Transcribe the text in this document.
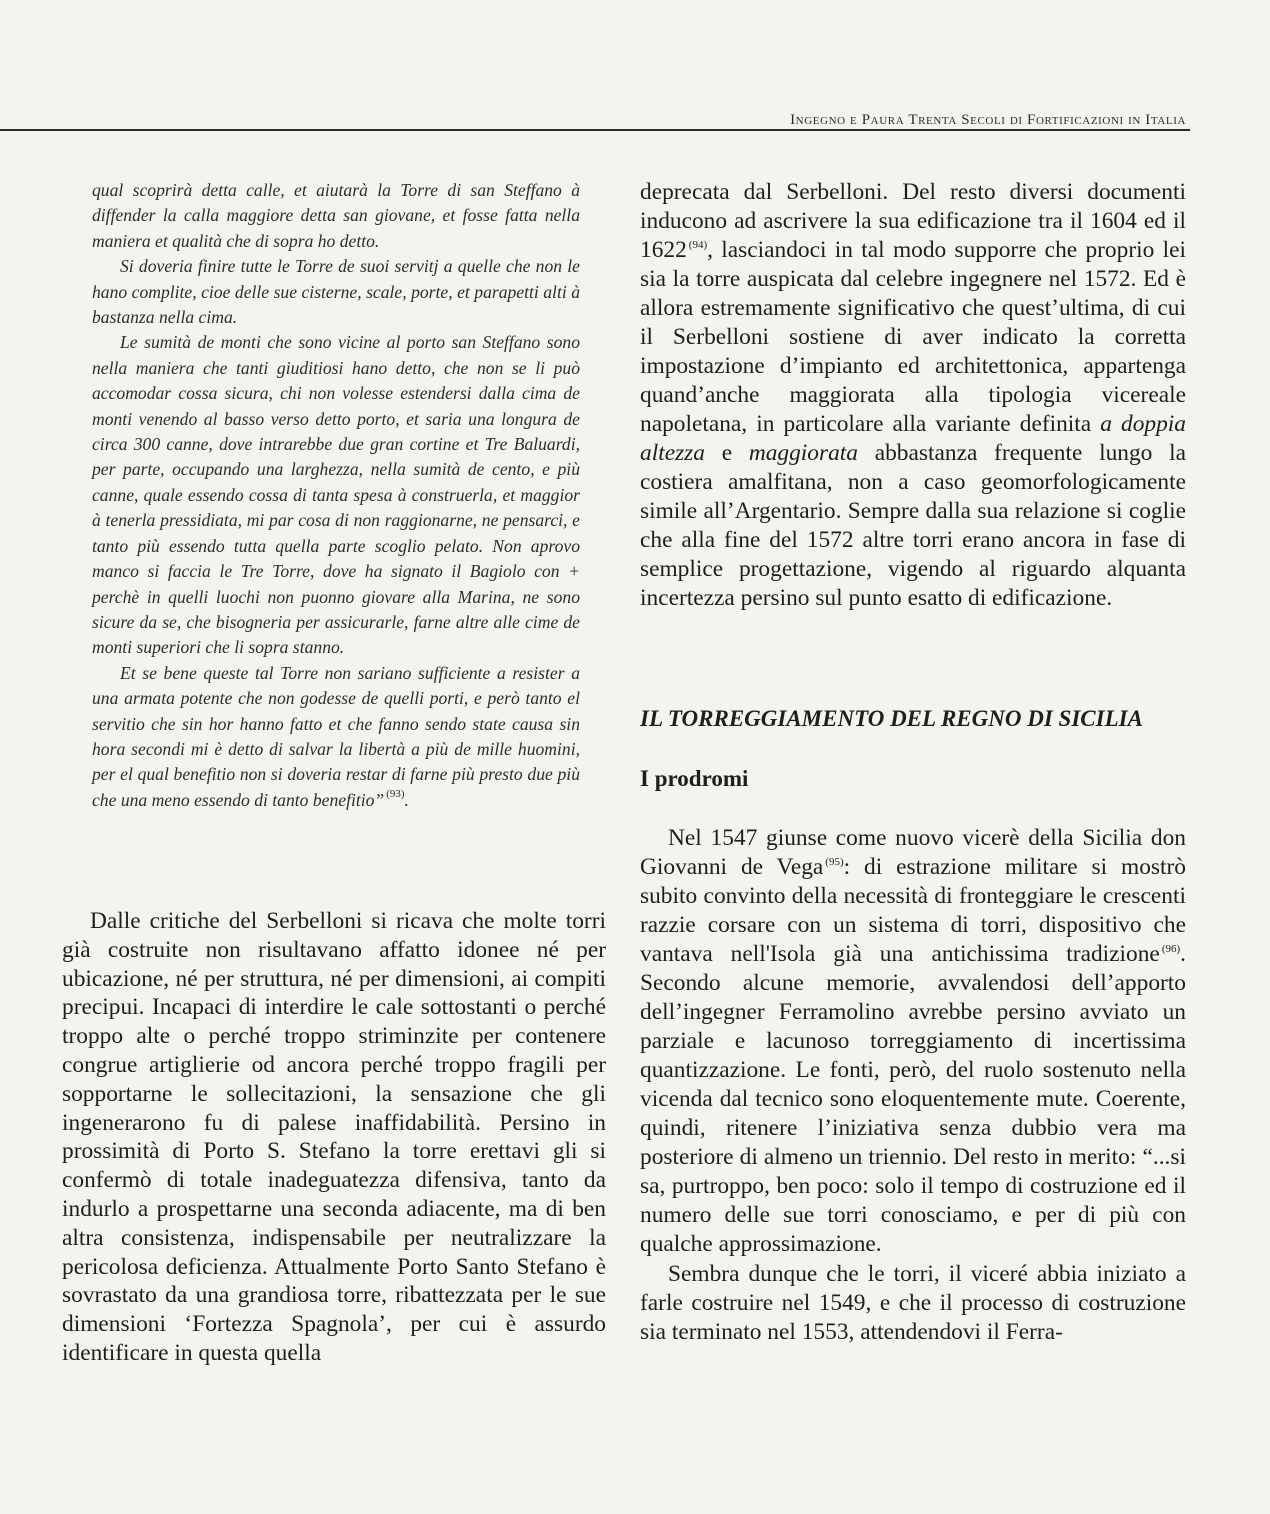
Ingegno e Paura Trenta Secoli di Fortificazioni in Italia

qual scoprirà detta calle, et aiutarà la Torre di san Steffano à diffender la calla maggiore detta san giovane, et fosse fatta nella maniera et qualità che di sopra ho detto.

Si doveria finire tutte le Torre de suoi servitj a quelle che non le hano complite, cioe delle sue cisterne, scale, porte, et parapetti alti à bastanza nella cima.

Le sumità de monti che sono vicine al porto san Steffano sono nella maniera che tanti giuditiosi hano detto, che non se li può accomodar cossa sicura, chi non volesse estendersi dalla cima de monti venendo al basso verso detto porto, et saria una longura de circa 300 canne, dove intrarebbe due gran cortine et Tre Baluardi, per parte, occupando una larghezza, nella sumità de cento, e più canne, quale essendo cossa di tanta spesa à construerla, et maggior à tenerla pressidiata, mi par cosa di non raggionarne, ne pensarci, e tanto più essendo tutta quella parte scoglio pelato. Non aprovo manco si faccia le Tre Torre, dove ha signato il Bagiolo con + perchè in quelli luochi non puonno giovare alla Marina, ne sono sicure da se, che bisogneria per assicurarle, farne altre alle cime de monti superiori che li sopra stanno.

Et se bene queste tal Torre non sariano sufficiente a resister a una armata potente che non godesse de quelli porti, e però tanto el servitio che sin hor hanno fatto et che fanno sendo state causa sin hora secondi mi è detto di salvar la libertà a più de mille huomini, per el qual benefitio non si doveria restar di farne più presto due più che una meno essendo di tanto benefitio” $^{(93)}$.

Dalle critiche del Serbelloni si ricava che molte torri già costruite non risultavano affatto idonee né per ubicazione, né per struttura, né per dimensioni, ai compiti precipui. Incapaci di interdire le cale sottostanti o perché troppo alte o perché troppo striminzite per contenere congrue artiglierie od ancora perché troppo fragili per sopportarne le sollecitazioni, la sensazione che gli ingenerarono fu di palese inaffidabilità. Persino in prossimità di Porto S. Stefano la torre erettavi gli si confermò di totale inadeguatezza difensiva, tanto da indurlo a prospettarne una seconda adiacente, ma di ben altra consistenza, indispensabile per neutralizzare la pericolosa deficienza. Attualmente Porto Santo Stefano è sovrastato da una grandiosa torre, ribattezzata per le sue dimensioni ‘Fortezza Spagnola’, per cui è assurdo identificare in questa quella

deprecata dal Serbelloni. Del resto diversi documenti inducono ad ascrivere la sua edificazione tra il 1604 ed il 1622 $^{(94)}$, lasciandoci in tal modo supporre che proprio lei sia la torre auspicata dal celebre ingegnere nel 1572. Ed è allora estremamente significativo che quest’ultima, di cui il Serbelloni sostiene di aver indicato la corretta impostazione d’impianto ed architettonica, appartenga quand’anche maggiorata alla tipologia vicereale napoletana, in particolare alla variante definita a doppia altezza e maggiorata abbastanza frequente lungo la costiera amalfitana, non a caso geomorfologicamente simile all’Argentario. Sempre dalla sua relazione si coglie che alla fine del 1572 altre torri erano ancora in fase di semplice progettazione, vigendo al riguardo alquanta incertezza persino sul punto esatto di edificazione.

IL TORREGGIAMENTO DEL REGNO DI SICILIA
I prodromi

Nel 1547 giunse come nuovo vicerè della Sicilia don Giovanni de Vega $^{(95)}$: di estrazione militare si mostrò subito convinto della necessità di fronteggiare le crescenti razzie corsare con un sistema di torri, dispositivo che vantava nell'Isola già una antichissima tradizione $^{(96)}$. Secondo alcune memorie, avvalendosi dell’apporto dell’ingegner Ferramolino avrebbe persino avviato un parziale e lacunoso torreggiamento di incertissima quantizzazione. Le fonti, però, del ruolo sostenuto nella vicenda dal tecnico sono eloquentemente mute. Coerente, quindi, ritenere l’iniziativa senza dubbio vera ma posteriore di almeno un triennio. Del resto in merito: “...si sa, purtroppo, ben poco: solo il tempo di costruzione ed il numero delle sue torri conosciamo, e per di più con qualche approssimazione.

Sembra dunque che le torri, il viceré abbia iniziato a farle costruire nel 1549, e che il processo di costruzione sia terminato nel 1553, attendendovi il Ferra-
